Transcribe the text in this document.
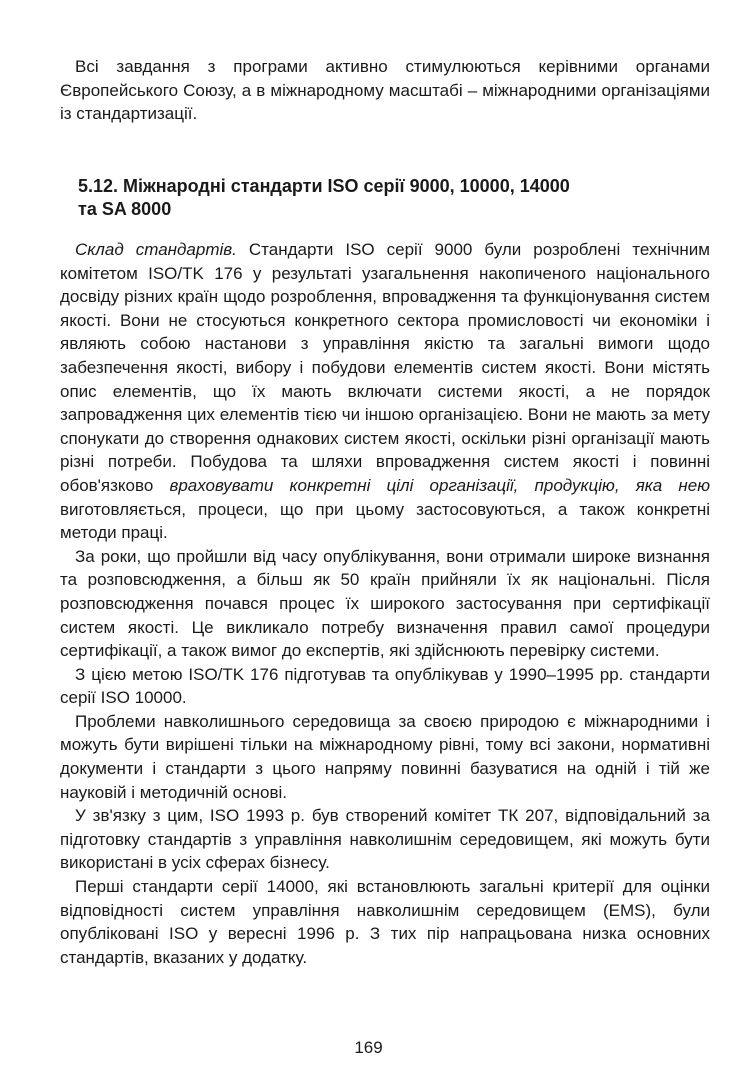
Всі завдання з програми активно стимулюються керівними органами Європейського Союзу, а в міжнародному масштабі – міжнародними організаціями із стандартизації.

5.12. Міжнародні стандарти ISO серії 9000, 10000, 14000
та SA 8000

Склад стандартів. Стандарти ISO серії 9000 були розроблені технічним комітетом ISO/TK 176 у результаті узагальнення накопиченого національного досвіду різних країн щодо розроблення, впровадження та функціонування систем якості. Вони не стосуються конкретного сектора промисловості чи економіки і являють собою настанови з управління якістю та загальні вимоги щодо забезпечення якості, вибору і побудови елементів систем якості. Вони містять опис елементів, що їх мають включати системи якості, а не порядок запровадження цих елементів тією чи іншою організацією. Вони не мають за мету спонукати до створення однакових систем якості, оскільки різні організації мають різні потреби. Побудова та шляхи впровадження систем якості і повинні обов'язково враховувати конкретні цілі організації, продукцію, яка нею виготовляється, процеси, що при цьому застосовуються, а також конкретні методи праці.

За роки, що пройшли від часу опублікування, вони отримали широке визнання та розповсюдження, а більш як 50 країн прийняли їх як національні. Після розповсюдження почався процес їх широкого застосування при сертифікації систем якості. Це викликало потребу визначення правил самої процедури сертифікації, а також вимог до експертів, які здійснюють перевірку системи.

З цією метою ISO/TK 176 підготував та опублікував у 1990–1995 рр. стандарти серії ISO 10000.

Проблеми навколишнього середовища за своєю природою є міжнародними і можуть бути вирішені тільки на міжнародному рівні, тому всі закони, нормативні документи і стандарти з цього напряму повинні базуватися на одній і тій же науковій і методичній основі.

У зв'язку з цим, ISO 1993 р. був створений комітет ТК 207, відповідальний за підготовку стандартів з управління навколишнім середовищем, які можуть бути використані в усіх сферах бізнесу.

Перші стандарти серії 14000, які встановлюють загальні критерії для оцінки відповідності систем управління навколишнім середовищем (EMS), були опубліковані ISO у вересні 1996 р. З тих пір напрацьована низка основних стандартів, вказаних у додатку.

169
